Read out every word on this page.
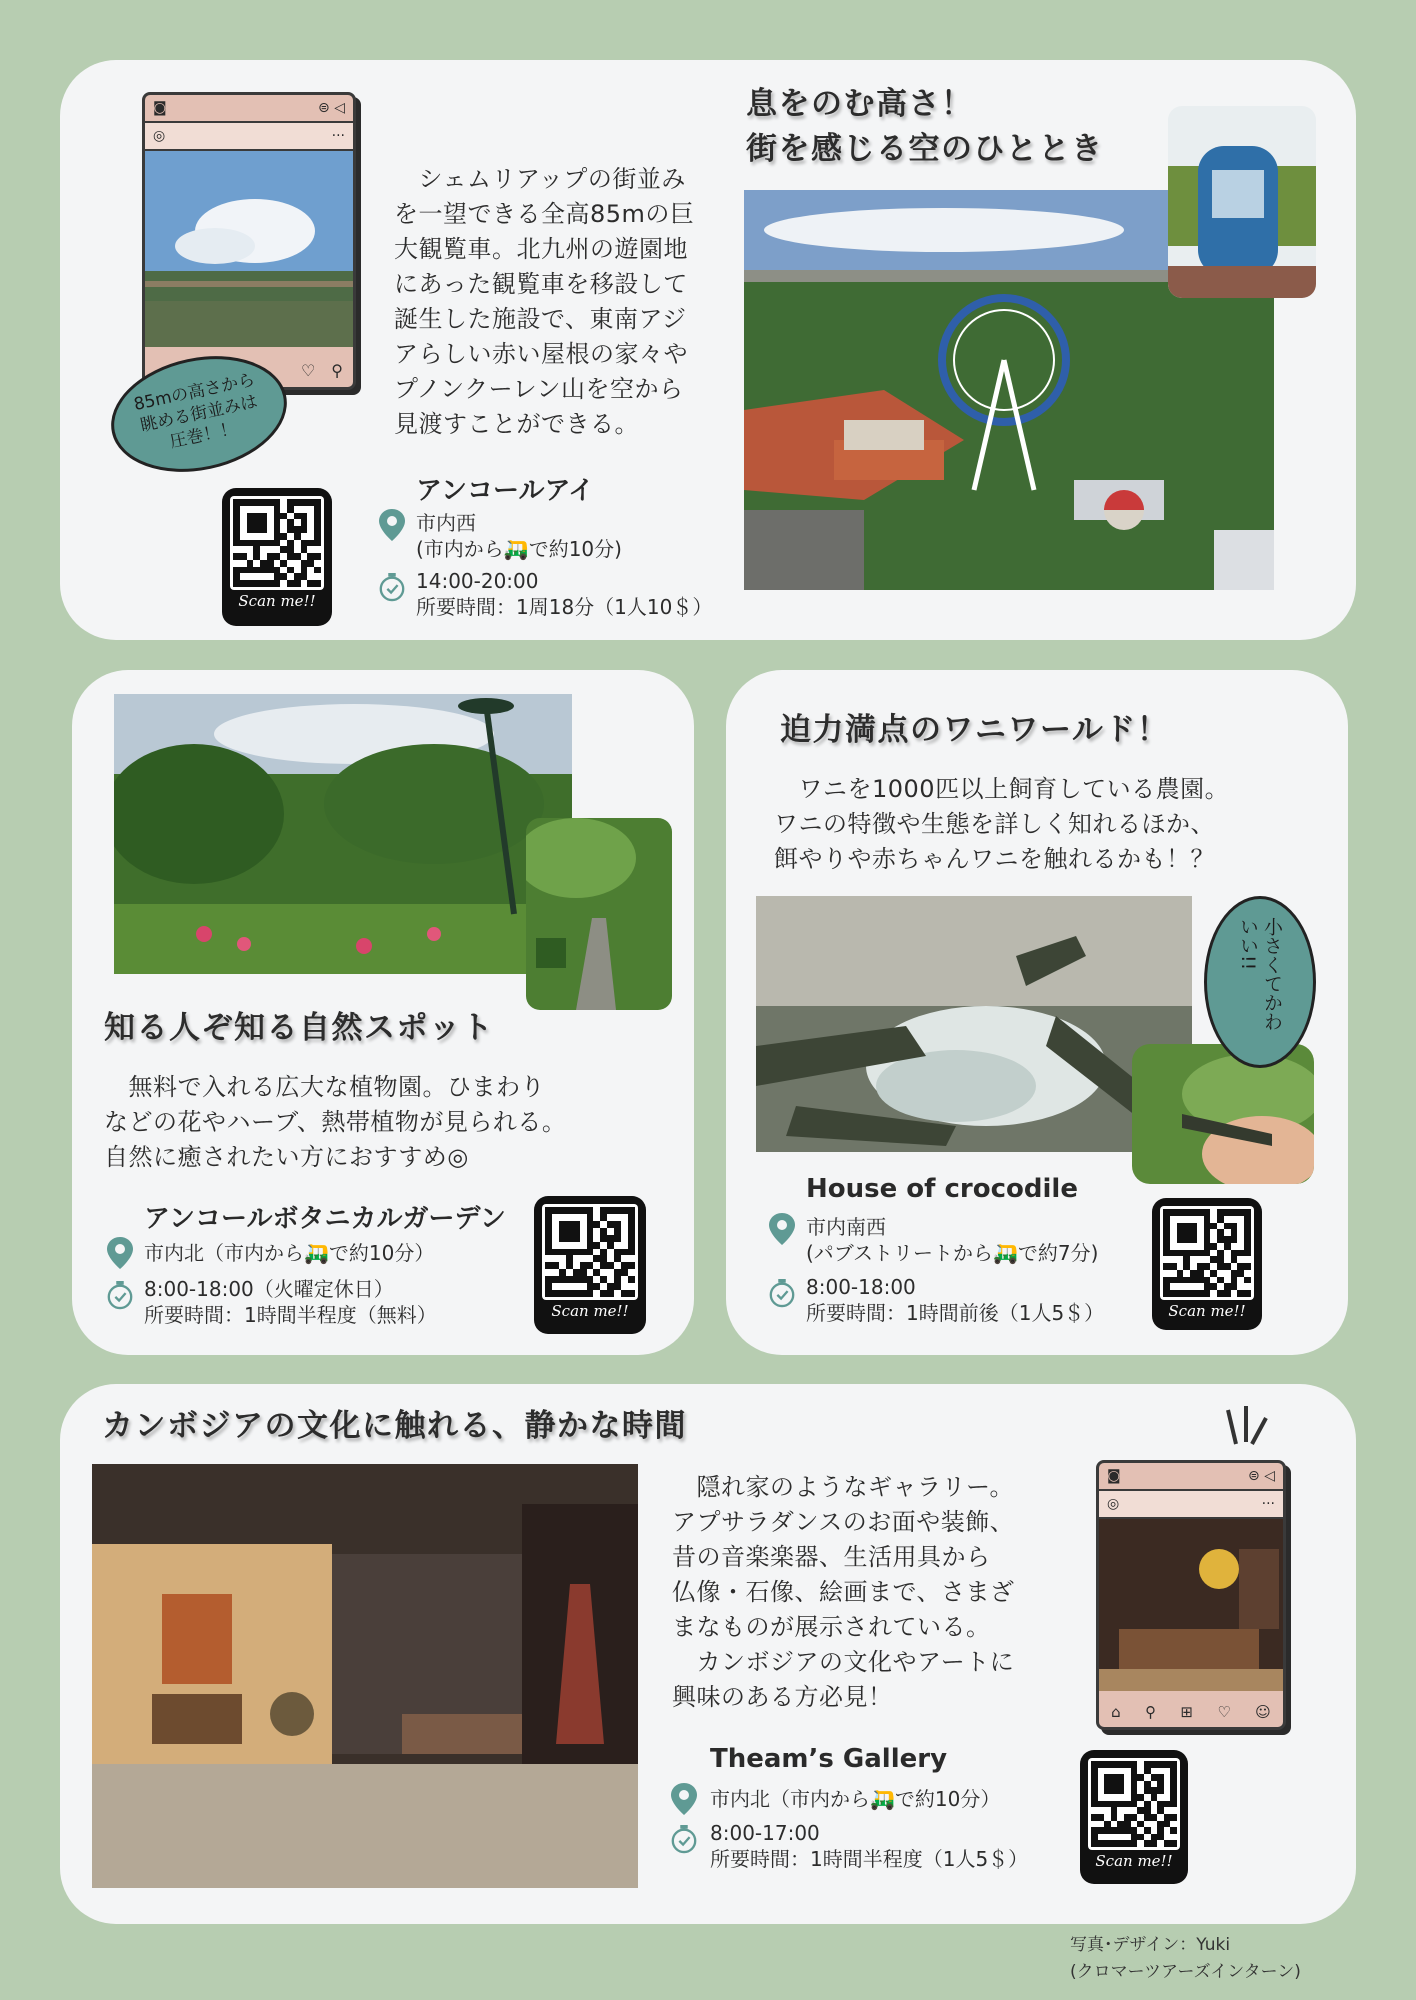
◙	⊜ ◁
◎	···
♡ ⚲
85mの高さから
眺める街並みは
圧巻！！
Scan me!!
　シェムリアップの街並み
を一望できる全高85mの巨
大観覧車。北九州の遊園地
にあった観覧車を移設して
誕生した施設で、東南アジ
アらしい赤い屋根の家々や
プノンクーレン山を空から
見渡すことができる。
息をのむ高さ！
街を感じる空のひととき
アンコールアイ
市内西
(市内から🛺で約10分)
14:00-20:00
所要時間：1周18分（1人10＄）
知る人ぞ知る自然スポット
　無料で入れる広大な植物園。ひまわり
などの花やハーブ、熱帯植物が見られる。
自然に癒されたい方におすすめ◎
アンコールボタニカルガーデン
市内北（市内から🛺で約10分）
8:00-18:00（火曜定休日）
所要時間：1時間半程度（無料）	Scan me!!
迫力満点のワニワールド！
　ワニを1000匹以上飼育している農園。
ワニの特徴や生態を詳しく知れるほか、
餌やりや赤ちゃんワニを触れるかも！？
小さくてかわいい!!
House of crocodile
市内南西
(パブストリートから🛺で約7分)
8:00-18:00
所要時間：1時間前後（1人5＄）	Scan me!!
カンボジアの文化に触れる、静かな時間
　隠れ家のようなギャラリー。
アプサラダンスのお面や装飾、
昔の音楽楽器、生活用具から
仏像・石像、絵画まで、さまざ
まなものが展示されている。
　カンボジアの文化やアートに
興味のある方必見！
Theam’s Gallery
市内北（市内から🛺で約10分）
8:00-17:00
所要時間：1時間半程度（1人5＄）
◙	⊜ ◁
◎	···
⌂ ⚲ ⊞ ♡ ☺
Scan me!!
写真･デザイン：Yuki
(クロマーツアーズインターン)
